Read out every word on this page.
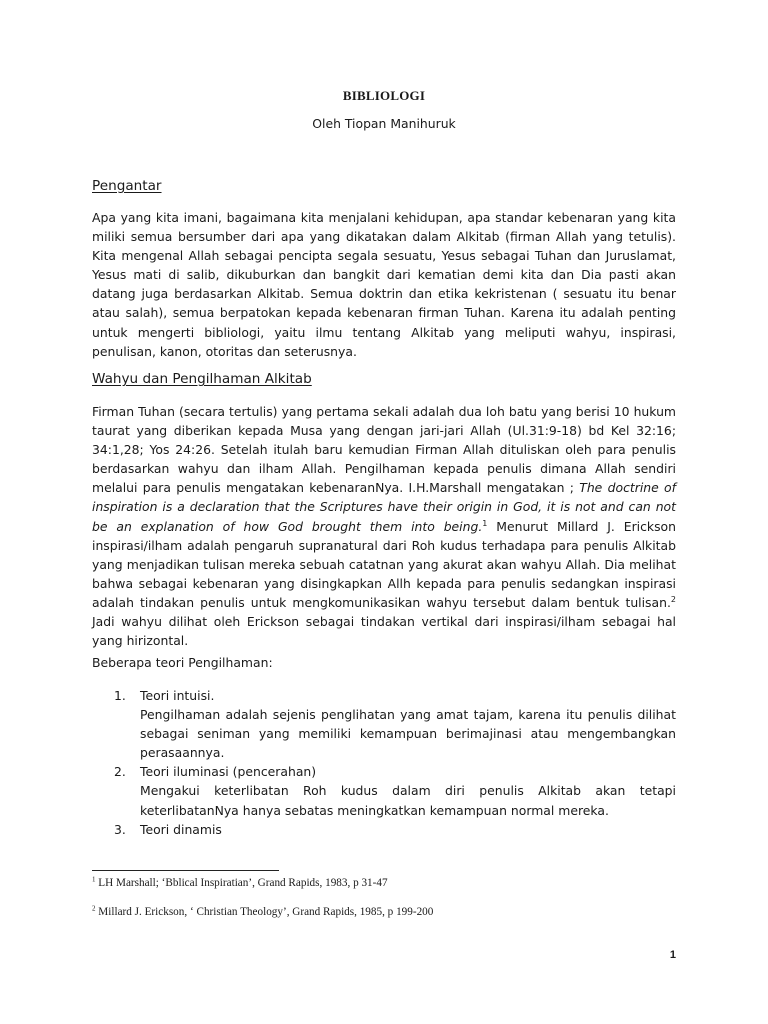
BIBLIOLOGI
Oleh Tiopan Manihuruk
Pengantar

Apa yang kita imani, bagaimana kita menjalani kehidupan, apa standar kebenaran yang kita miliki semua bersumber dari apa yang dikatakan dalam Alkitab (firman Allah yang tetulis). Kita mengenal Allah sebagai pencipta segala sesuatu, Yesus sebagai Tuhan dan Juruslamat, Yesus mati di salib, dikuburkan dan bangkit dari kematian demi kita dan Dia pasti akan datang juga berdasarkan Alkitab. Semua doktrin dan etika kekristenan ( sesuatu itu benar atau salah), semua berpatokan kepada kebenaran firman Tuhan. Karena itu adalah penting untuk mengerti bibliologi, yaitu ilmu tentang Alkitab yang meliputi wahyu, inspirasi, penulisan, kanon, otoritas dan seterusnya.

Wahyu dan Pengilhaman Alkitab

Firman Tuhan (secara tertulis) yang pertama sekali adalah dua loh batu yang berisi 10 hukum taurat yang diberikan kepada Musa yang dengan jari-jari Allah (Ul.31:9-18) bd Kel 32:16; 34:1,28; Yos 24:26. Setelah itulah baru kemudian Firman Allah dituliskan oleh para penulis berdasarkan wahyu dan ilham Allah. Pengilhaman kepada penulis dimana Allah sendiri melalui para penulis mengatakan kebenaranNya. I.H.Marshall mengatakan ; The doctrine of inspiration is a declaration that the Scriptures have their origin in God, it is not and can not be an explanation of how God brought them into being.$^1$ Menurut Millard J. Erickson inspirasi/ilham adalah pengaruh supranatural dari Roh kudus terhadapa para penulis Alkitab yang menjadikan tulisan mereka sebuah catatnan yang akurat akan wahyu Allah. Dia melihat bahwa sebagai kebenaran yang disingkapkan Allh kepada para penulis sedangkan inspirasi adalah tindakan penulis untuk mengkomunikasikan wahyu tersebut dalam bentuk tulisan.$^2$ Jadi wahyu dilihat oleh Erickson sebagai tindakan vertikal dari inspirasi/ilham sebagai hal yang hirizontal.

Beberapa teori Pengilhaman:

1. Teori intuisi.
Pengilhaman adalah sejenis penglihatan yang amat tajam, karena itu penulis dilihat sebagai seniman yang memiliki kemampuan berimajinasi atau mengembangkan perasaannya.
2. Teori iluminasi (pencerahan)
Mengakui keterlibatan Roh kudus dalam diri penulis Alkitab akan tetapi keterlibatanNya hanya sebatas meningkatkan kemampuan normal mereka.
3. Teori dinamis
$^1$ LH Marshall; ‘Bblical Inspiratian’, Grand Rapids, 1983, p 31-47
$^2$ Millard J. Erickson, ‘ Christian Theology’, Grand Rapids, 1985, p 199-200
1
